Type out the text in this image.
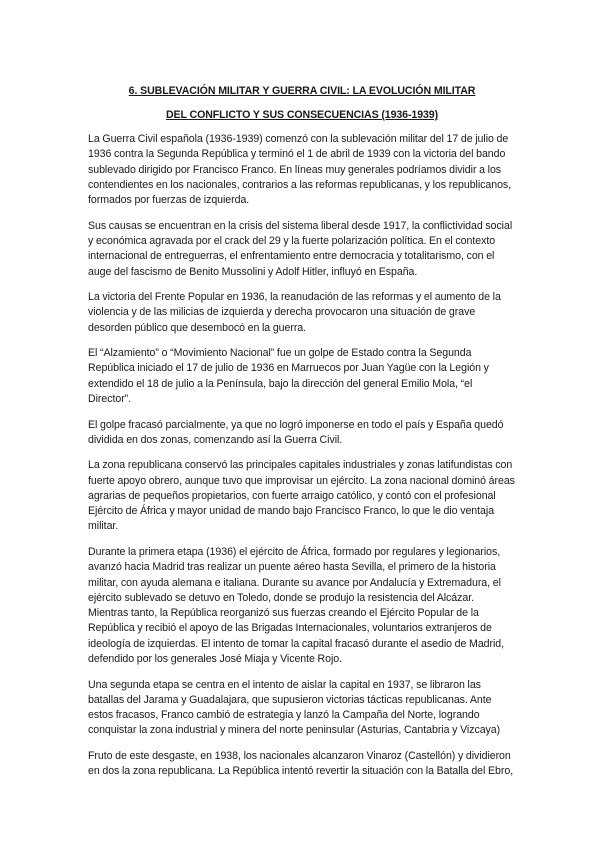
6. SUBLEVACIÓN MILITAR Y GUERRA CIVIL: LA EVOLUCIÓN MILITAR

DEL CONFLICTO Y SUS CONSECUENCIAS (1936-1939)

La Guerra Civil española (1936-1939) comenzó con la sublevación militar del 17 de julio de 1936 contra la Segunda República y terminó el 1 de abril de 1939 con la victoria del bando sublevado dirigido por Francisco Franco. En líneas muy generales podríamos dividir a los contendientes en los nacionales, contrarios a las reformas republicanas, y los republicanos, formados por fuerzas de izquierda.

Sus causas se encuentran en la crisis del sistema liberal desde 1917, la conflictividad social y económica agravada por el crack del 29 y la fuerte polarización política. En el contexto internacional de entreguerras, el enfrentamiento entre democracia y totalitarismo, con el auge del fascismo de Benito Mussolini y Adolf Hitler, influyó en España.

La victoria del Frente Popular en 1936, la reanudación de las reformas y el aumento de la violencia y de las milicias de izquierda y derecha provocaron una situación de grave desorden público que desembocó en la guerra.

El “Alzamiento” o “Movimiento Nacional” fue un golpe de Estado contra la Segunda República iniciado el 17 de julio de 1936 en Marruecos por Juan Yagüe con la Legión y extendido el 18 de julio a la Península, bajo la dirección del general Emilio Mola, “el Director”.

El golpe fracasó parcialmente, ya que no logró imponerse en todo el país y España quedó dividida en dos zonas, comenzando así la Guerra Civil.

La zona republicana conservó las principales capitales industriales y zonas latifundistas con fuerte apoyo obrero, aunque tuvo que improvisar un ejército. La zona nacional dominó áreas agrarias de pequeños propietarios, con fuerte arraigo católico, y contó con el profesional Ejército de África y mayor unidad de mando bajo Francisco Franco, lo que le dio ventaja militar.

Durante la primera etapa (1936) el ejército de África, formado por regulares y legionarios, avanzó hacia Madrid tras realizar un puente aéreo hasta Sevilla, el primero de la historia militar, con ayuda alemana e italiana. Durante su avance por Andalucía y Extremadura, el ejército sublevado se detuvo en Toledo, donde se produjo la resistencia del Alcázar. Mientras tanto, la República reorganizó sus fuerzas creando el Ejército Popular de la República y recibió el apoyo de las Brigadas Internacionales, voluntarios extranjeros de ideología de izquierdas. El intento de tomar la capital fracasó durante el asedio de Madrid, defendido por los generales José Miaja y Vicente Rojo.

Una segunda etapa se centra en el intento de aislar la capital en 1937, se libraron las batallas del Jarama y Guadalajara, que supusieron victorias tácticas republicanas. Ante estos fracasos, Franco cambió de estrategia y lanzó la Campaña del Norte, logrando conquistar la zona industrial y minera del norte peninsular (Asturias, Cantabria y Vizcaya)

Fruto de este desgaste, en 1938, los nacionales alcanzaron Vinaroz (Castellón) y dividieron en dos la zona republicana. La República intentó revertir la situación con la Batalla del Ebro,
